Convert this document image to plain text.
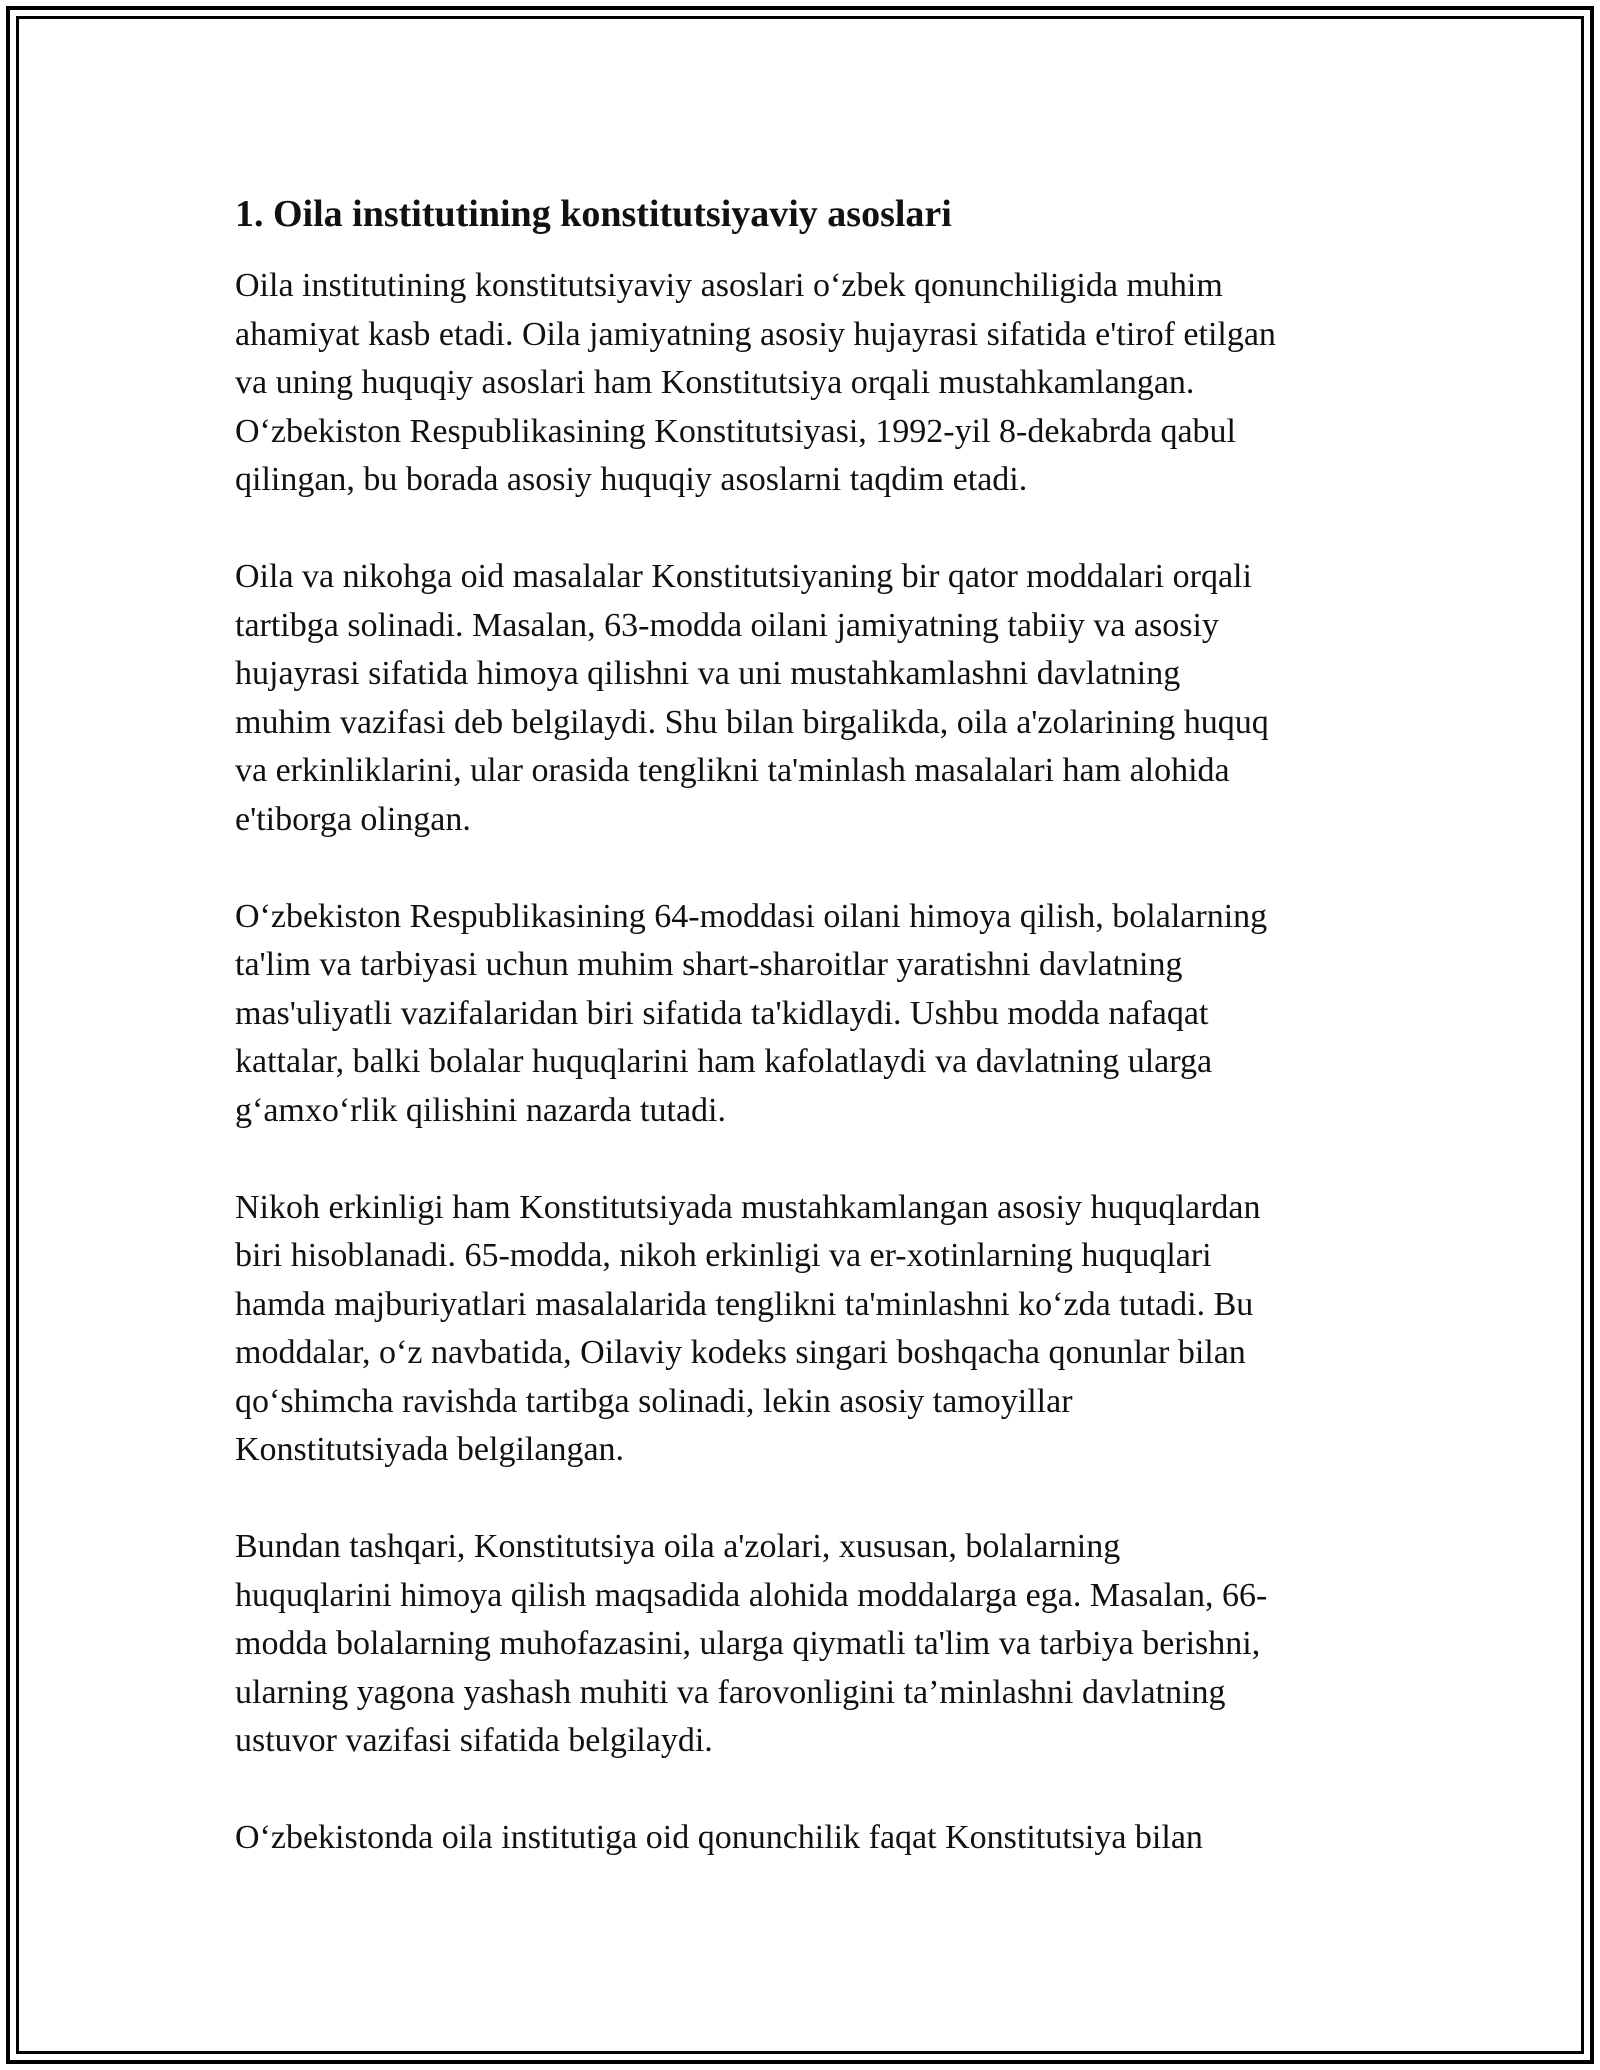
1. Oila institutining konstitutsiyaviy asoslari

Oila institutining konstitutsiyaviy asoslari o‘zbek qonunchiligida muhim
ahamiyat kasb etadi. Oila jamiyatning asosiy hujayrasi sifatida e'tirof etilgan
va uning huquqiy asoslari ham Konstitutsiya orqali mustahkamlangan.
O‘zbekiston Respublikasining Konstitutsiyasi, 1992-yil 8-dekabrda qabul
qilingan, bu borada asosiy huquqiy asoslarni taqdim etadi.

Oila va nikohga oid masalalar Konstitutsiyaning bir qator moddalari orqali
tartibga solinadi. Masalan, 63-modda oilani jamiyatning tabiiy va asosiy
hujayrasi sifatida himoya qilishni va uni mustahkamlashni davlatning
muhim vazifasi deb belgilaydi. Shu bilan birgalikda, oila a'zolarining huquq
va erkinliklarini, ular orasida tenglikni ta'minlash masalalari ham alohida
e'tiborga olingan.

O‘zbekiston Respublikasining 64-moddasi oilani himoya qilish, bolalarning
ta'lim va tarbiyasi uchun muhim shart-sharoitlar yaratishni davlatning
mas'uliyatli vazifalaridan biri sifatida ta'kidlaydi. Ushbu modda nafaqat
kattalar, balki bolalar huquqlarini ham kafolatlaydi va davlatning ularga
g‘amxo‘rlik qilishini nazarda tutadi.

Nikoh erkinligi ham Konstitutsiyada mustahkamlangan asosiy huquqlardan
biri hisoblanadi. 65-modda, nikoh erkinligi va er-xotinlarning huquqlari
hamda majburiyatlari masalalarida tenglikni ta'minlashni ko‘zda tutadi. Bu
moddalar, o‘z navbatida, Oilaviy kodeks singari boshqacha qonunlar bilan
qo‘shimcha ravishda tartibga solinadi, lekin asosiy tamoyillar
Konstitutsiyada belgilangan.

Bundan tashqari, Konstitutsiya oila a'zolari, xususan, bolalarning
huquqlarini himoya qilish maqsadida alohida moddalarga ega. Masalan, 66-
modda bolalarning muhofazasini, ularga qiymatli ta'lim va tarbiya berishni,
ularning yagona yashash muhiti va farovonligini ta’minlashni davlatning
ustuvor vazifasi sifatida belgilaydi.

O‘zbekistonda oila institutiga oid qonunchilik faqat Konstitutsiya bilan
